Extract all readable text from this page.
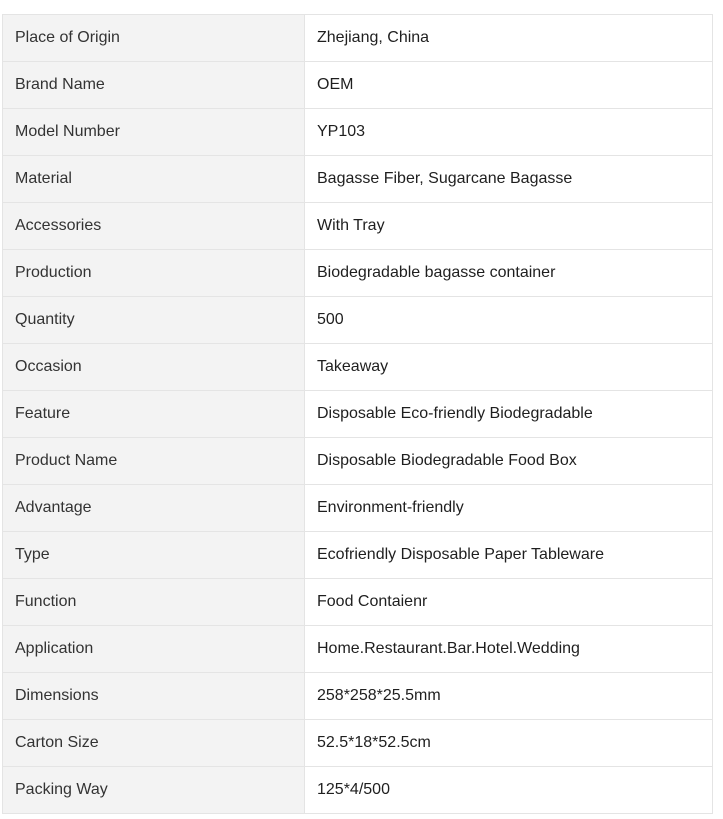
Place of Origin	Zhejiang, China
Brand Name	OEM
Model Number	YP103
Material	Bagasse Fiber, Sugarcane Bagasse
Accessories	With Tray
Production	Biodegradable bagasse container
Quantity	500
Occasion	Takeaway
Feature	Disposable Eco-friendly Biodegradable
Product Name	Disposable Biodegradable Food Box
Advantage	Environment-friendly
Type	Ecofriendly Disposable Paper Tableware
Function	Food Contaienr
Application	Home.Restaurant.Bar.Hotel.Wedding
Dimensions	258*258*25.5mm
Carton Size	52.5*18*52.5cm
Packing Way	125*4/500
